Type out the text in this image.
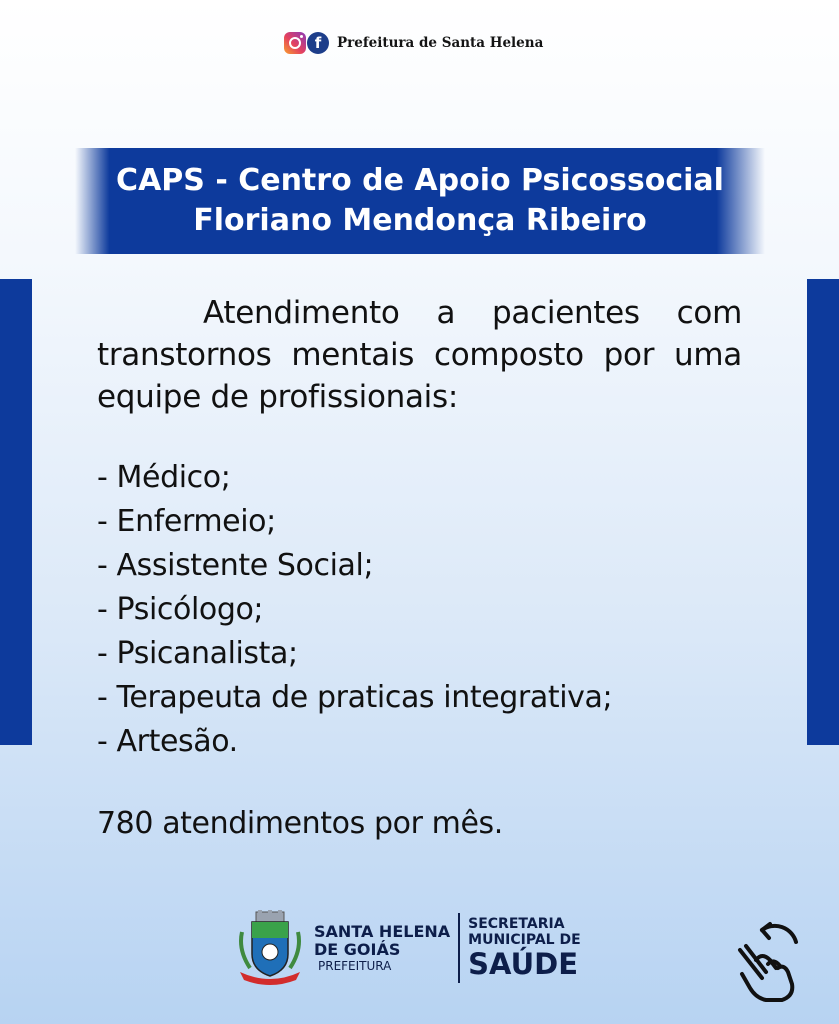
f	Prefeitura de Santa Helena
CAPS - Centro de Apoio Psicossocial
Floriano Mendonça Ribeiro

Atendimento a pacientes com transtornos mentais composto por uma equipe de profissionais:

- Médico;
- Enfermeio;
- Assistente Social;
- Psicólogo;
- Psicanalista;
- Terapeuta de praticas integrativa;
- Artesão.

780 atendimentos por mês.

SANTA HELENA
DE GOIÁS
PREFEITURA
SECRETARIA
MUNICIPAL DE
SAÚDE
